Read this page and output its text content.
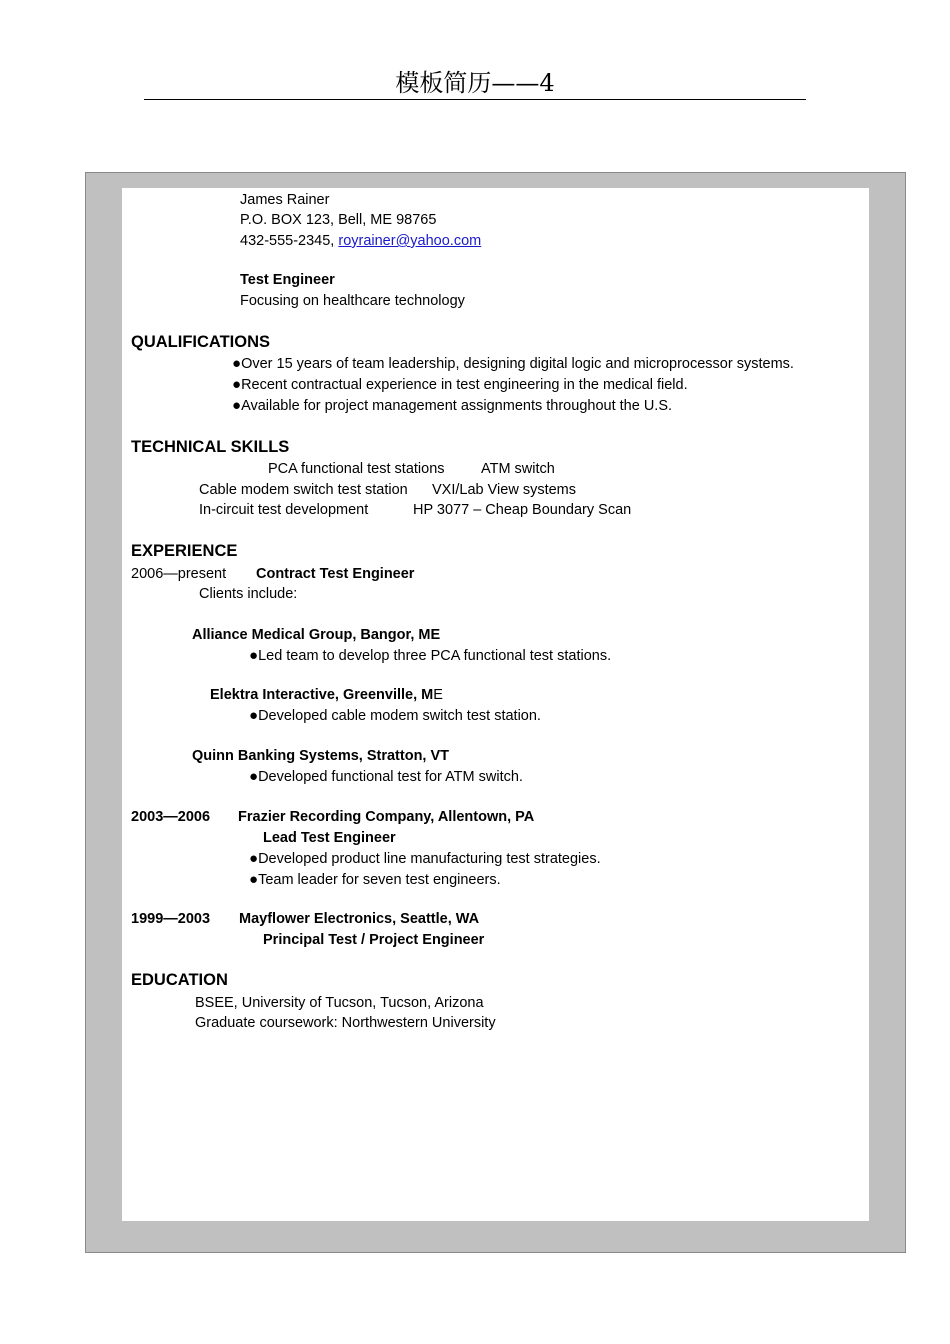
模板简历——4
James Rainer
P.O. BOX 123, Bell, ME 98765
432-555-2345, royrainer@yahoo.com
Test Engineer
Focusing on healthcare technology
QUALIFICATIONS
●Over 15 years of team leadership, designing digital logic and microprocessor systems.
●Recent contractual experience in test engineering in the medical field.
●Available for project management assignments throughout the U.S.
TECHNICAL SKILLS
PCA functional test stations	ATM switch
Cable modem switch test station VXI/Lab View systems
In-circuit test development	HP 3077 – Cheap Boundary Scan
EXPERIENCE
2006—present Contract Test Engineer
Clients include:
Alliance Medical Group, Bangor, ME
●Led team to develop three PCA functional test stations.
Elektra Interactive, Greenville, ME
●Developed cable modem switch test station.
Quinn Banking Systems, Stratton, VT
●Developed functional test for ATM switch.
2003—2006 Frazier Recording Company, Allentown, PA
Lead Test Engineer
●Developed product line manufacturing test strategies.
●Team leader for seven test engineers.
1999—2003 Mayflower Electronics, Seattle, WA
Principal Test / Project Engineer
EDUCATION
BSEE, University of Tucson, Tucson, Arizona
Graduate coursework: Northwestern University
